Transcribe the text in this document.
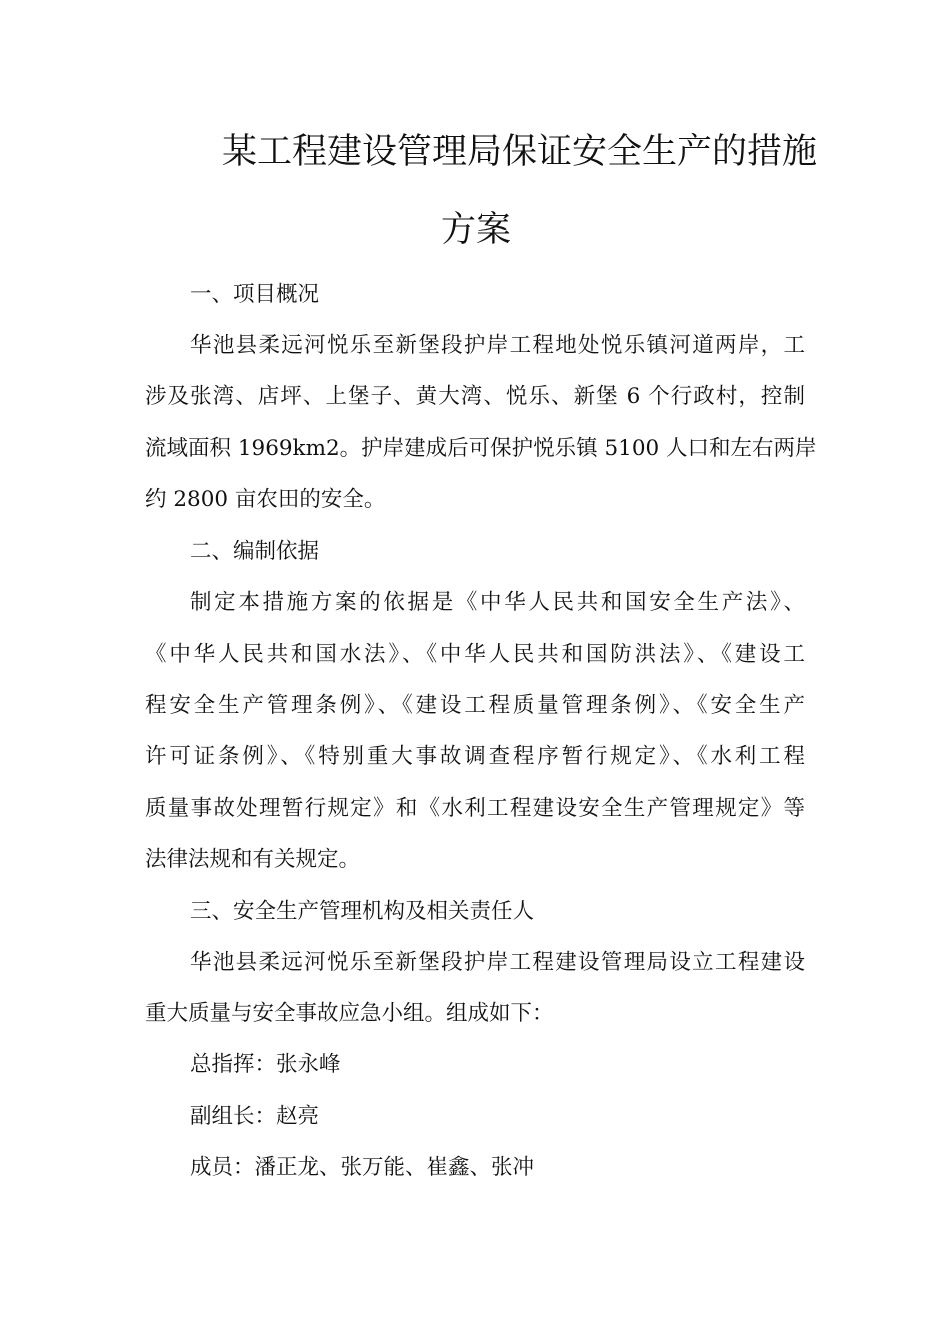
某工程建设管理局保证安全生产的措施
方案
一、项目概况
华池县柔远河悦乐至新堡段护岸工程地处悦乐镇河道两岸，工
涉及张湾、店坪、上堡子、黄大湾、悦乐、新堡 6 个行政村，控制
流域面积 1969km2。护岸建成后可保护悦乐镇 5100 人口和左右两岸
约 2800 亩农田的安全。
二、编制依据
制定本措施方案的依据是《中华人民共和国安全生产法》、
《中华人民共和国水法》、《中华人民共和国防洪法》、《建设工
程安全生产管理条例》、《建设工程质量管理条例》、《安全生产
许可证条例》、《特别重大事故调查程序暂行规定》、《水利工程
质量事故处理暂行规定》和《水利工程建设安全生产管理规定》等
法律法规和有关规定。
三、安全生产管理机构及相关责任人
华池县柔远河悦乐至新堡段护岸工程建设管理局设立工程建设
重大质量与安全事故应急小组。组成如下：
总指挥：张永峰
副组长：赵亮
成员：潘正龙、张万能、崔鑫、张冲
